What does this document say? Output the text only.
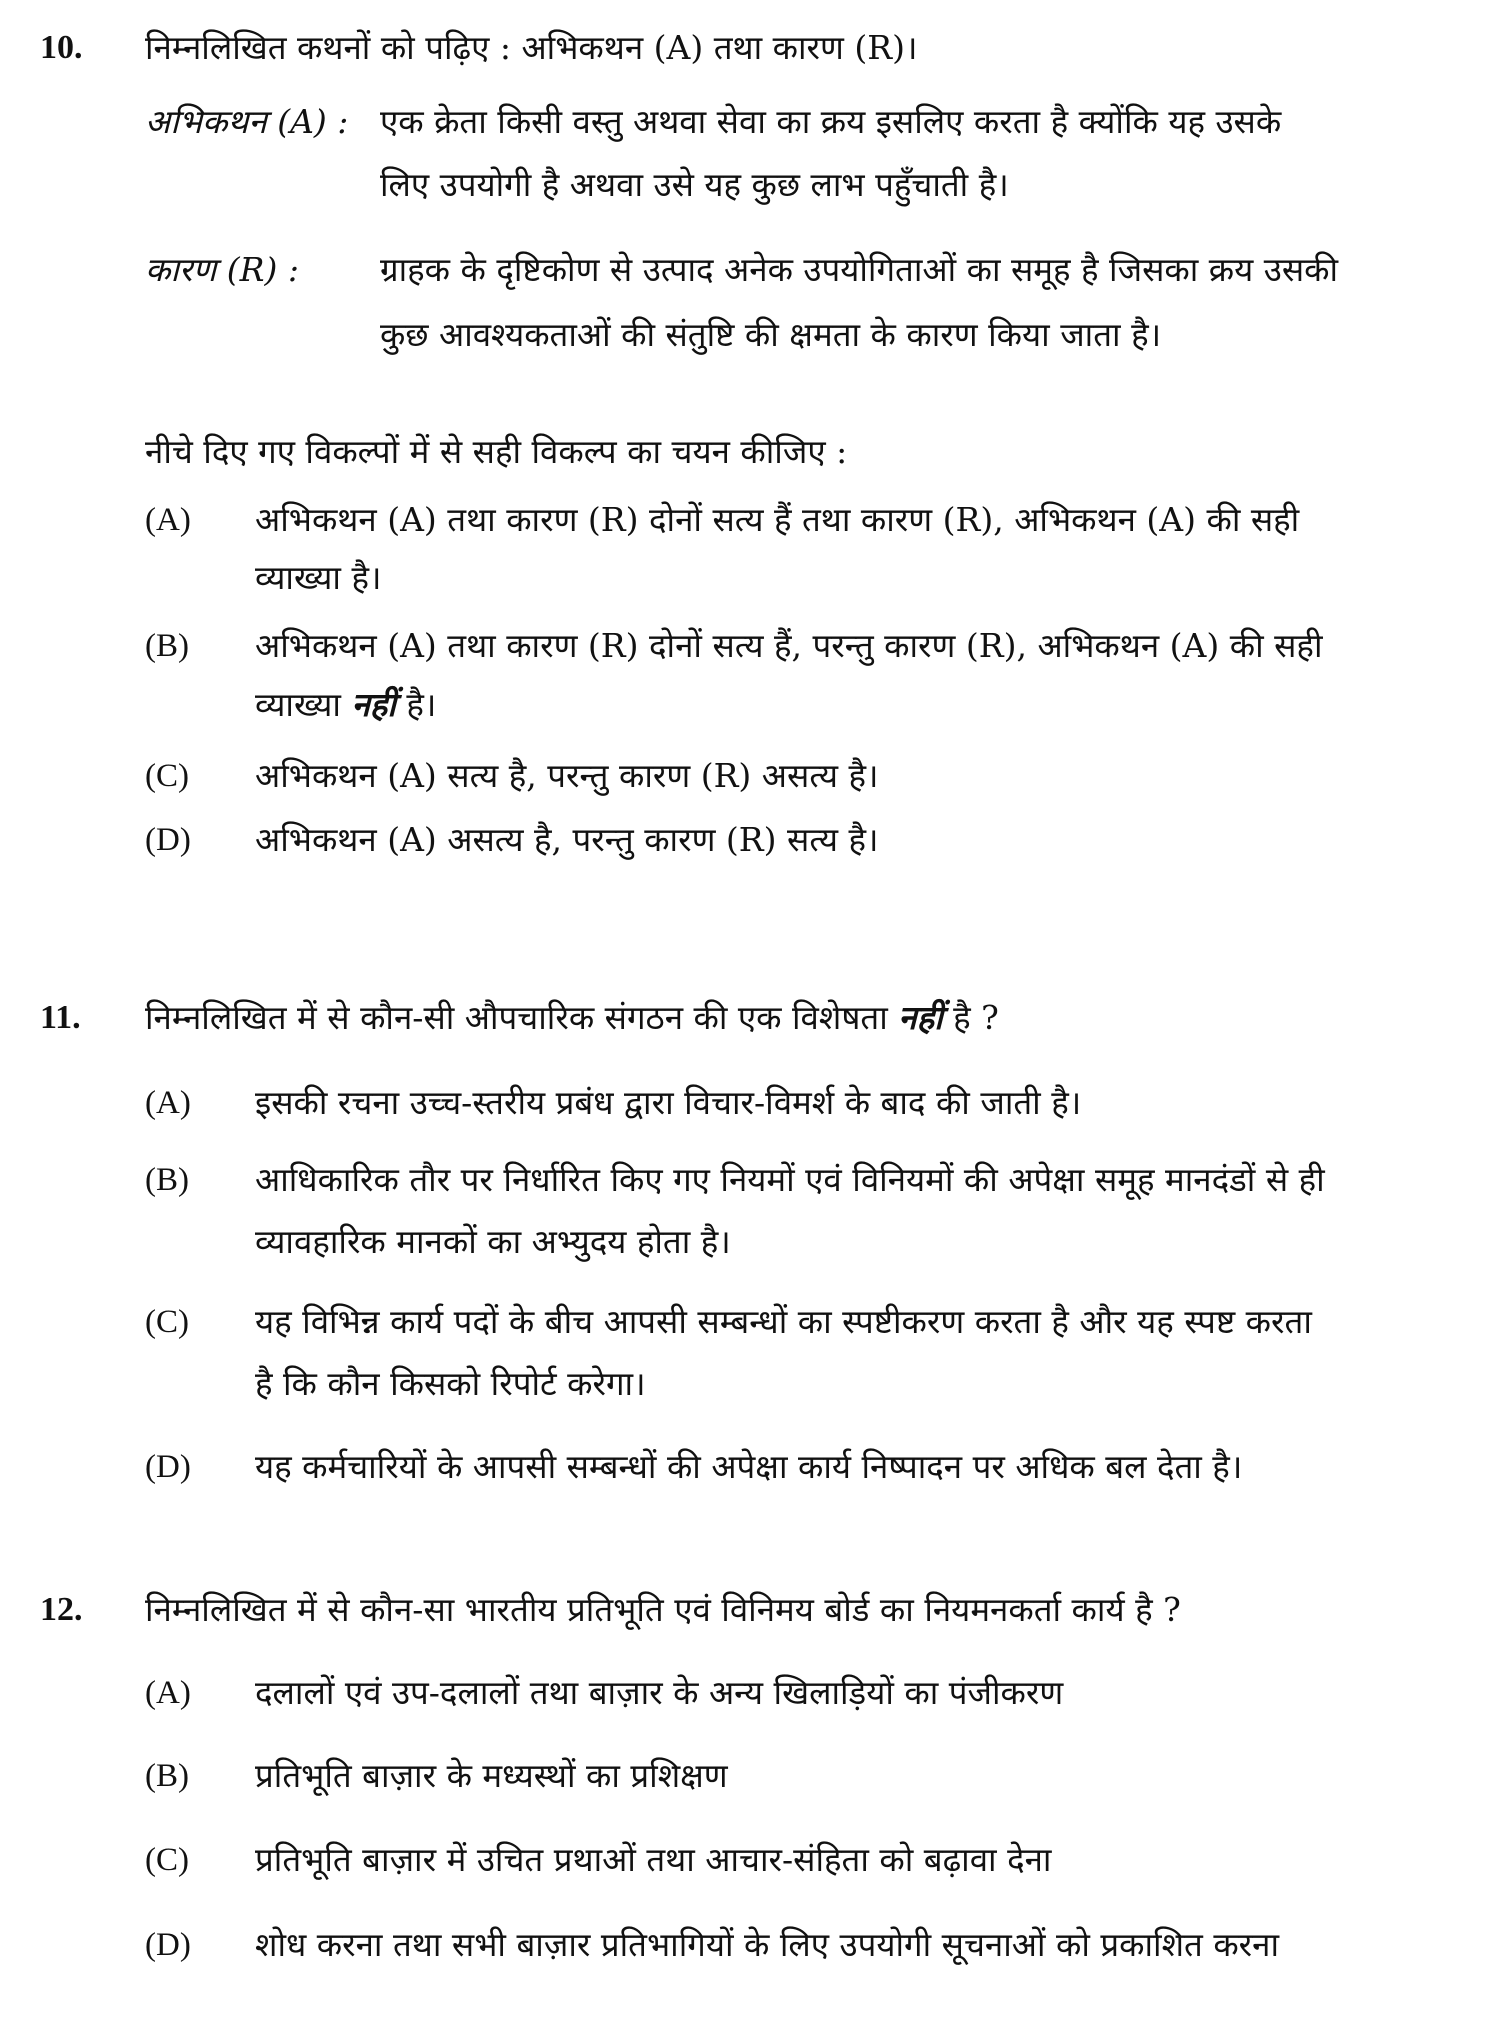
10. निम्नलिखित कथनों को पढ़िए : अभिकथन (A) तथा कारण (R)।
अभिकथन (A) : एक क्रेता किसी वस्तु अथवा सेवा का क्रय इसलिए करता है क्योंकि यह उसके
लिए उपयोगी है अथवा उसे यह कुछ लाभ पहुँचाती है।
कारण (R) : ग्राहक के दृष्टिकोण से उत्पाद अनेक उपयोगिताओं का समूह है जिसका क्रय उसकी
कुछ आवश्यकताओं की संतुष्टि की क्षमता के कारण किया जाता है।
नीचे दिए गए विकल्पों में से सही विकल्प का चयन कीजिए :
(A) अभिकथन (A) तथा कारण (R) दोनों सत्य हैं तथा कारण (R), अभिकथन (A) की सही
व्याख्या है।
(B) अभिकथन (A) तथा कारण (R) दोनों सत्य हैं, परन्तु कारण (R), अभिकथन (A) की सही
व्याख्या नहीं है।
(C) अभिकथन (A) सत्य है, परन्तु कारण (R) असत्य है।
(D) अभिकथन (A) असत्य है, परन्तु कारण (R) सत्य है।
11. निम्नलिखित में से कौन-सी औपचारिक संगठन की एक विशेषता नहीं है ?
(A) इसकी रचना उच्च-स्तरीय प्रबंध द्वारा विचार-विमर्श के बाद की जाती है।
(B) आधिकारिक तौर पर निर्धारित किए गए नियमों एवं विनियमों की अपेक्षा समूह मानदंडों से ही
व्यावहारिक मानकों का अभ्युदय होता है।
(C) यह विभिन्न कार्य पदों के बीच आपसी सम्बन्धों का स्पष्टीकरण करता है और यह स्पष्ट करता
है कि कौन किसको रिपोर्ट करेगा।
(D) यह कर्मचारियों के आपसी सम्बन्धों की अपेक्षा कार्य निष्पादन पर अधिक बल देता है।
12. निम्नलिखित में से कौन-सा भारतीय प्रतिभूति एवं विनिमय बोर्ड का नियमनकर्ता कार्य है ?
(A) दलालों एवं उप-दलालों तथा बाज़ार के अन्य खिलाड़ियों का पंजीकरण
(B) प्रतिभूति बाज़ार के मध्यस्थों का प्रशिक्षण
(C) प्रतिभूति बाज़ार में उचित प्रथाओं तथा आचार-संहिता को बढ़ावा देना
(D) शोध करना तथा सभी बाज़ार प्रतिभागियों के लिए उपयोगी सूचनाओं को प्रकाशित करना
